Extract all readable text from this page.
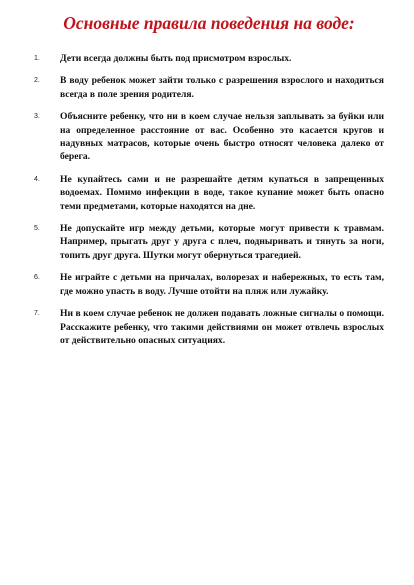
Основные правила поведения на воде:
1.	Дети всегда должны быть под присмотром взрослых.
2.	В воду ребенок может зайти только с разрешения взрослого и находиться всегда в поле зрения родителя.
3.	Объясните ребенку, что ни в коем случае нельзя заплывать за буйки или на определенное расстояние от вас. Особенно это касается кругов и надувных матрасов, которые очень быстро относят человека далеко от берега.
4.	Не купайтесь сами и не разрешайте детям купаться в запрещенных водоемах. Помимо инфекции в воде, такое купание может быть опасно теми предметами, которые находятся на дне.
5.	Не допускайте игр между детьми, которые могут привести к травмам. Например, прыгать друг у друга с плеч, подныривать и тянуть за ноги, топить друг друга. Шутки могут обернуться трагедией.
6.	Не играйте с детьми на причалах, волорезах и набережных, то есть там, где можно упасть в воду. Лучше отойти на пляж или лужайку.
7.	Ни в коем случае ребенок не должен подавать ложные сигналы о помощи. Расскажите ребенку, что такими действиями он может отвлечь взрослых от действительно опасных ситуациях.
